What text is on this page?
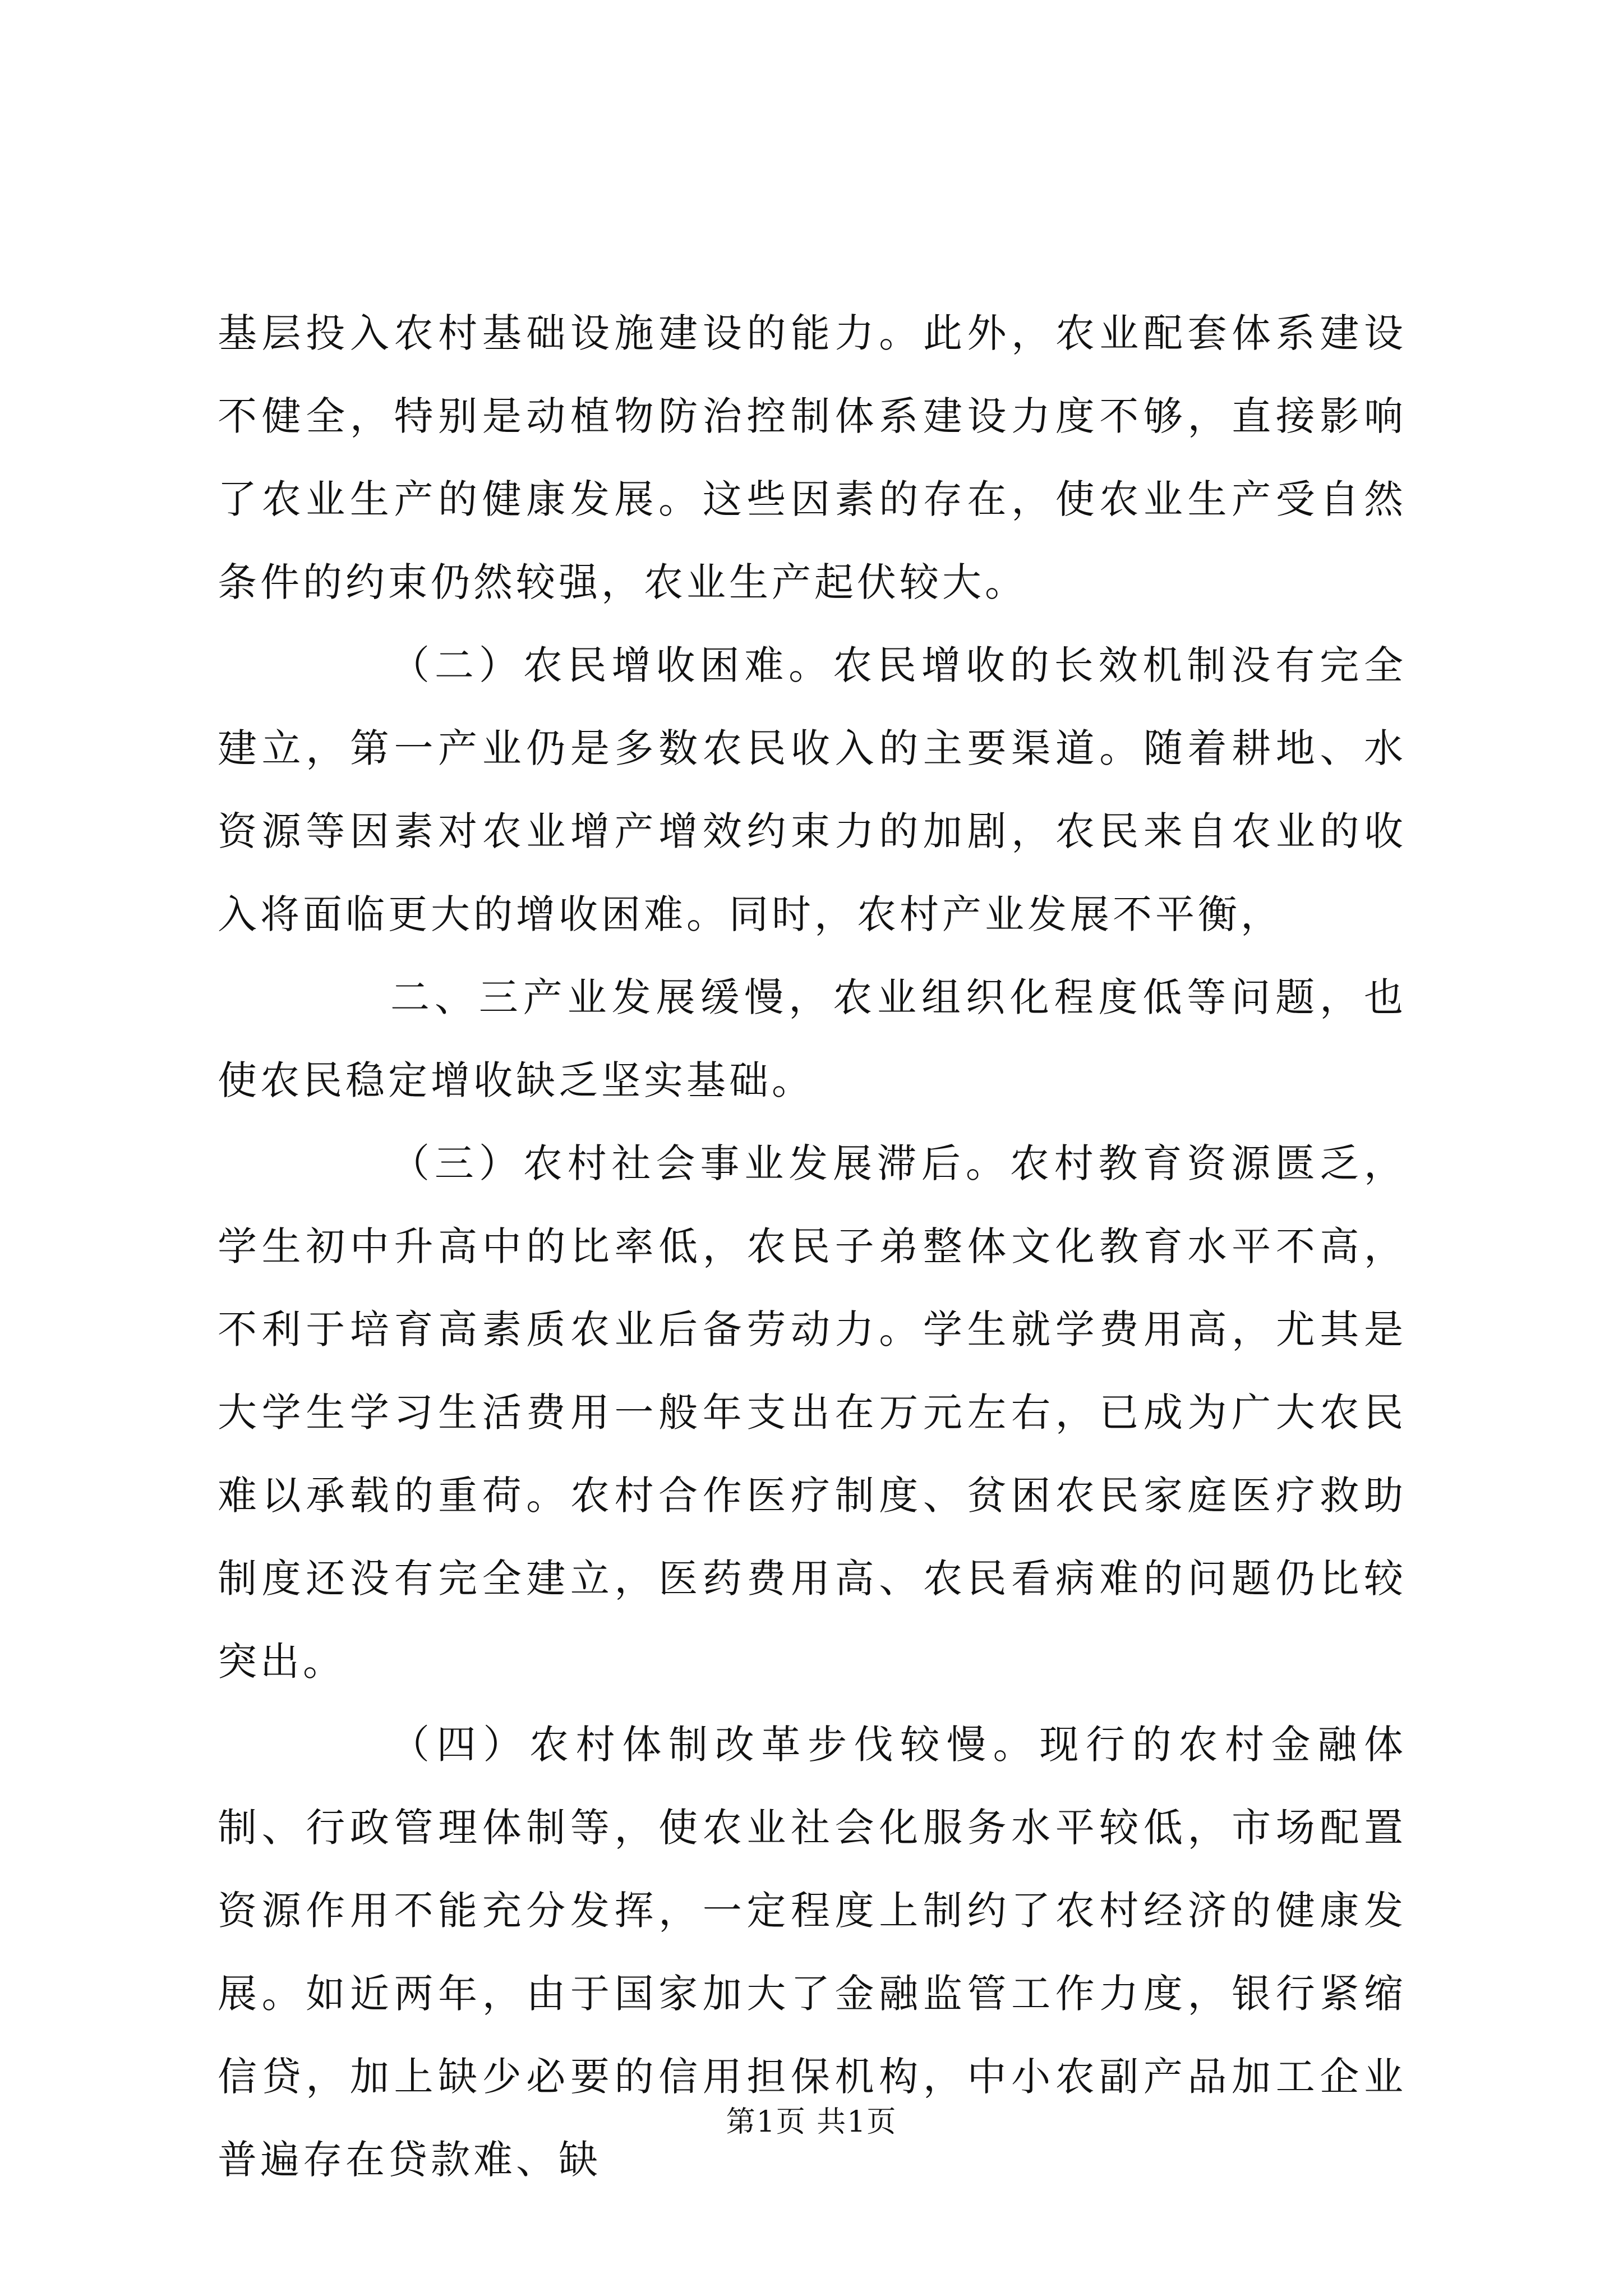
基层投入农村基础设施建设的能力。此外，农业配套体系建设不健全，特别是动植物防治控制体系建设力度不够，直接影响了农业生产的健康发展。这些因素的存在，使农业生产受自然条件的约束仍然较强，农业生产起伏较大。

（二）农民增收困难。农民增收的长效机制没有完全建立，第一产业仍是多数农民收入的主要渠道。随着耕地、水资源等因素对农业增产增效约束力的加剧，农民来自农业的收入将面临更大的增收困难。同时，农村产业发展不平衡，

二、三产业发展缓慢，农业组织化程度低等问题，也使农民稳定增收缺乏坚实基础。

（三）农村社会事业发展滞后。农村教育资源匮乏，学生初中升高中的比率低，农民子弟整体文化教育水平不高，不利于培育高素质农业后备劳动力。学生就学费用高，尤其是大学生学习生活费用一般年支出在万元左右，已成为广大农民难以承载的重荷。农村合作医疗制度、贫困农民家庭医疗救助制度还没有完全建立，医药费用高、农民看病难的问题仍比较突出。

（四）农村体制改革步伐较慢。现行的农村金融体制、行政管理体制等，使农业社会化服务水平较低，市场配置资源作用不能充分发挥，一定程度上制约了农村经济的健康发展。如近两年，由于国家加大了金融监管工作力度，银行紧缩信贷，加上缺少必要的信用担保机构，中小农副产品加工企业普遍存在贷款难、缺

第1页 共1页
